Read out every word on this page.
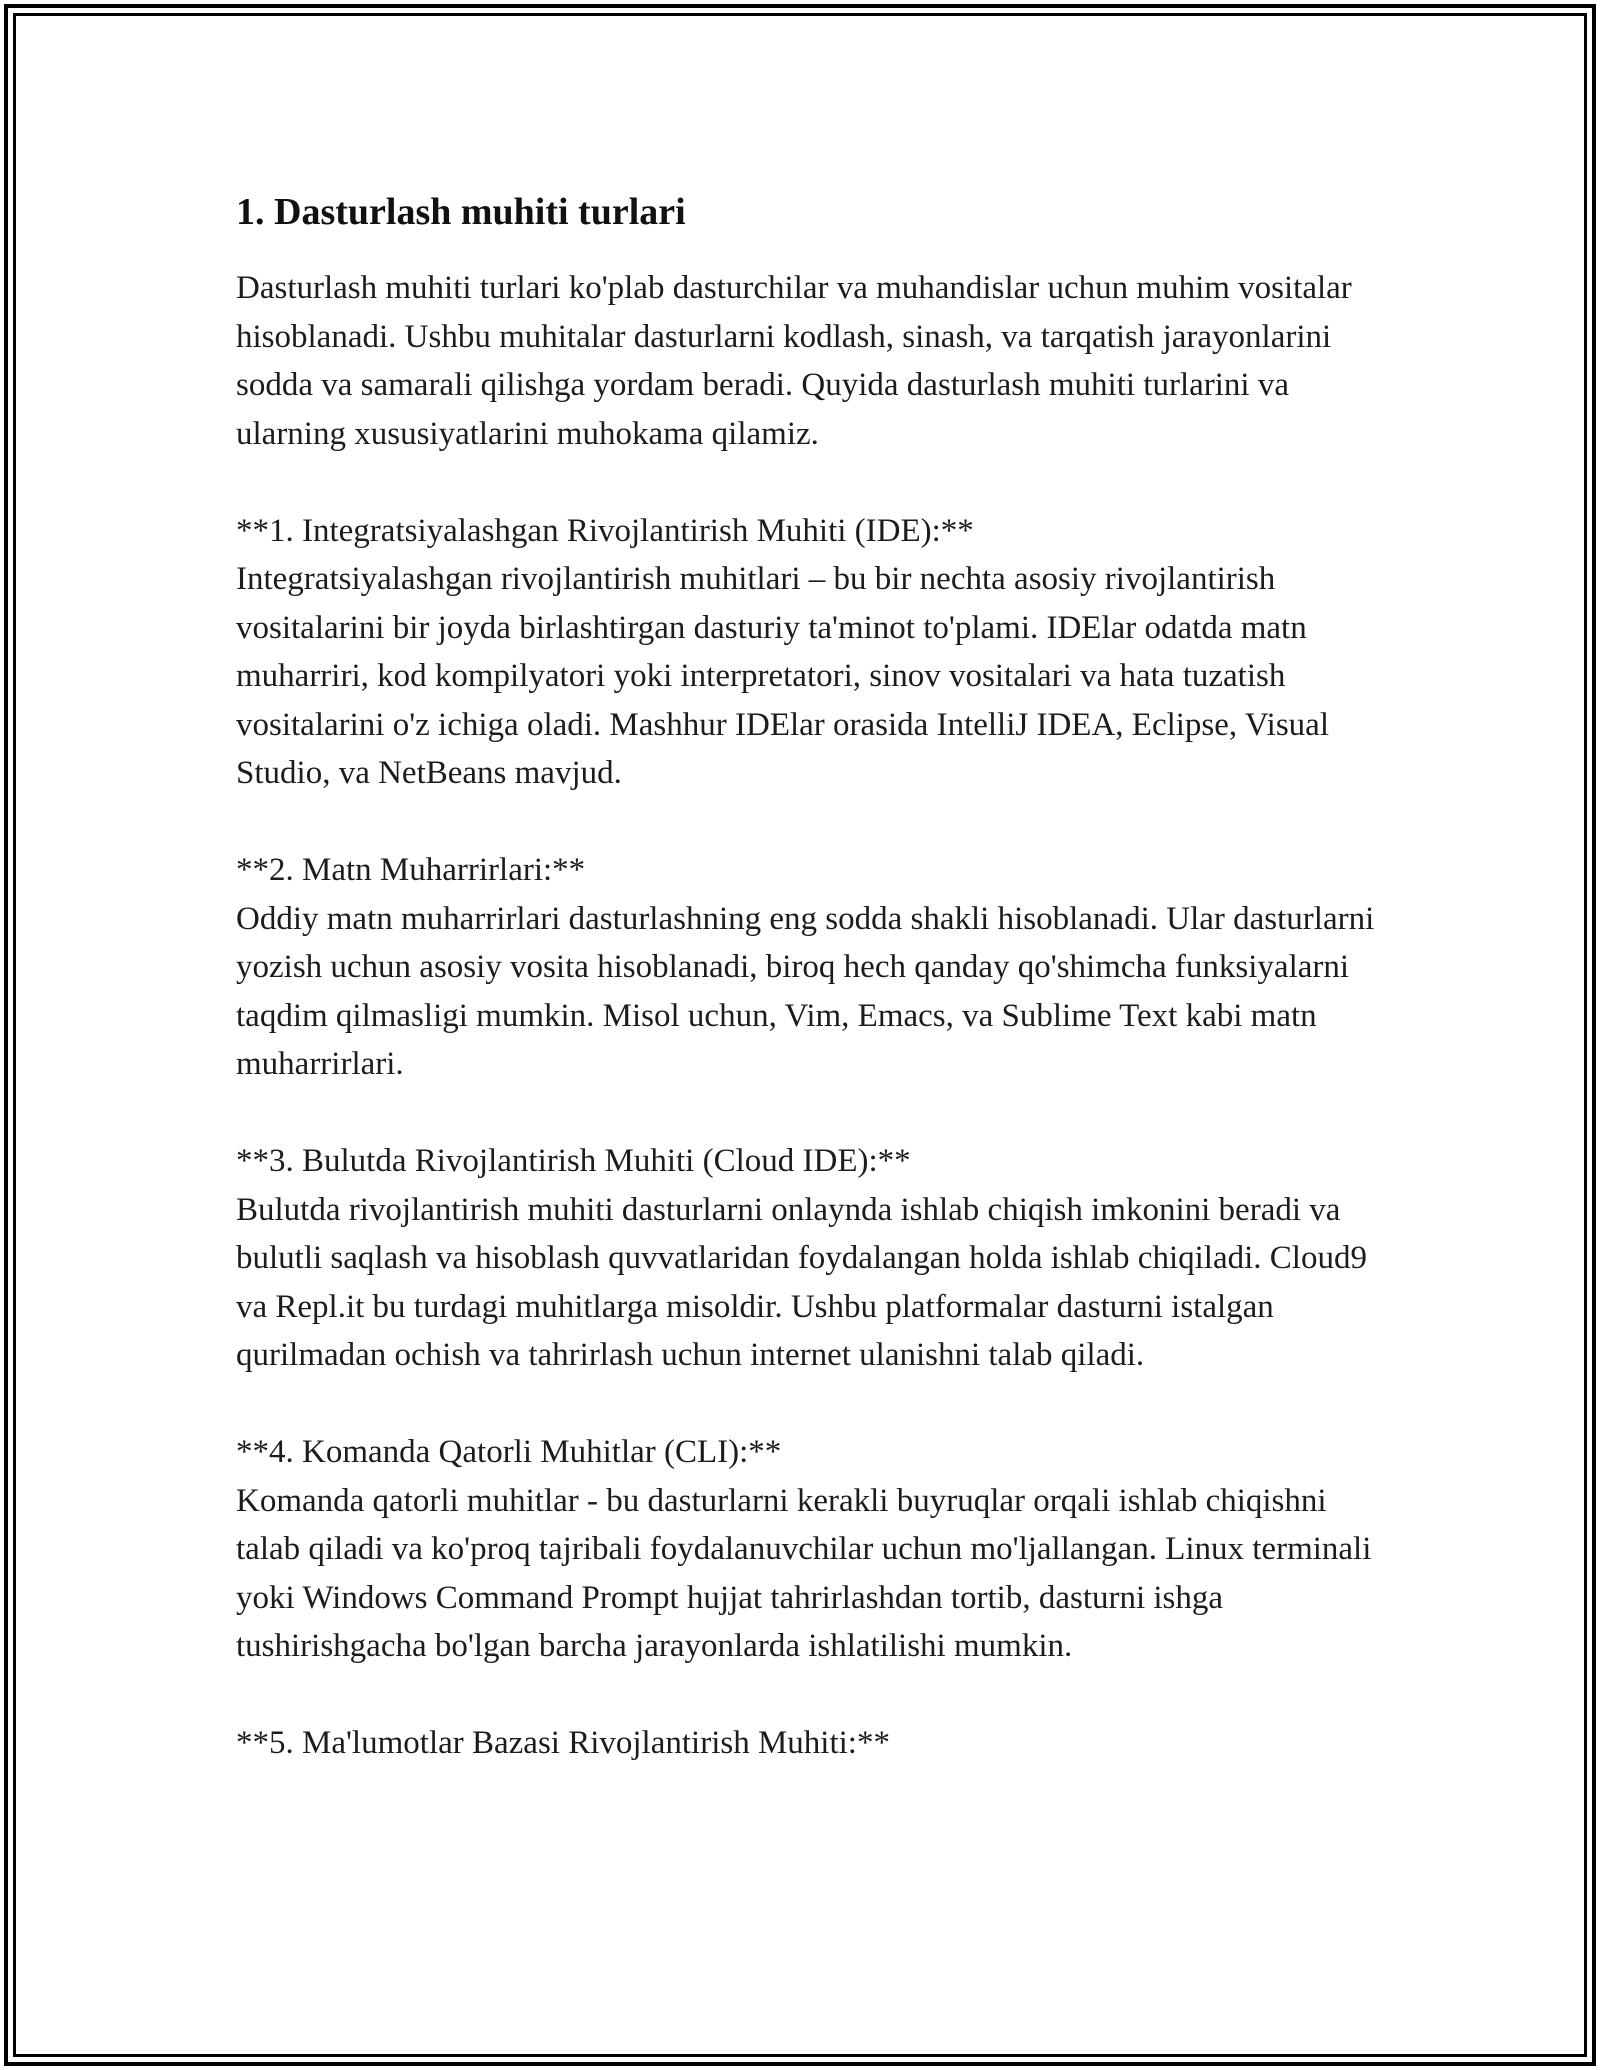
1. Dasturlash muhiti turlari

Dasturlash muhiti turlari ko'plab dasturchilar va muhandislar uchun muhim vositalar hisoblanadi. Ushbu muhitalar dasturlarni kodlash, sinash, va tarqatish jarayonlarini sodda va samarali qilishga yordam beradi. Quyida dasturlash muhiti turlarini va ularning xususiyatlarini muhokama qilamiz.

**1. Integratsiyalashgan Rivojlantirish Muhiti (IDE):**

Integratsiyalashgan rivojlantirish muhitlari – bu bir nechta asosiy rivojlantirish vositalarini bir joyda birlashtirgan dasturiy ta'minot to'plami. IDElar odatda matn muharriri, kod kompilyatori yoki interpretatori, sinov vositalari va hata tuzatish vositalarini o'z ichiga oladi. Mashhur IDElar orasida IntelliJ IDEA, Eclipse, Visual Studio, va NetBeans mavjud.

**2. Matn Muharrirlari:**

Oddiy matn muharrirlari dasturlashning eng sodda shakli hisoblanadi. Ular dasturlarni yozish uchun asosiy vosita hisoblanadi, biroq hech qanday qo'shimcha funksiyalarni taqdim qilmasligi mumkin. Misol uchun, Vim, Emacs, va Sublime Text kabi matn muharrirlari.

**3. Bulutda Rivojlantirish Muhiti (Cloud IDE):**

Bulutda rivojlantirish muhiti dasturlarni onlaynda ishlab chiqish imkonini beradi va bulutli saqlash va hisoblash quvvatlaridan foydalangan holda ishlab chiqiladi. Cloud9 va Repl.it bu turdagi muhitlarga misoldir. Ushbu platformalar dasturni istalgan qurilmadan ochish va tahrirlash uchun internet ulanishni talab qiladi.

**4. Komanda Qatorli Muhitlar (CLI):**

Komanda qatorli muhitlar - bu dasturlarni kerakli buyruqlar orqali ishlab chiqishni talab qiladi va ko'proq tajribali foydalanuvchilar uchun mo'ljallangan. Linux terminali yoki Windows Command Prompt hujjat tahrirlashdan tortib, dasturni ishga tushirishgacha bo'lgan barcha jarayonlarda ishlatilishi mumkin.

**5. Ma'lumotlar Bazasi Rivojlantirish Muhiti:**
